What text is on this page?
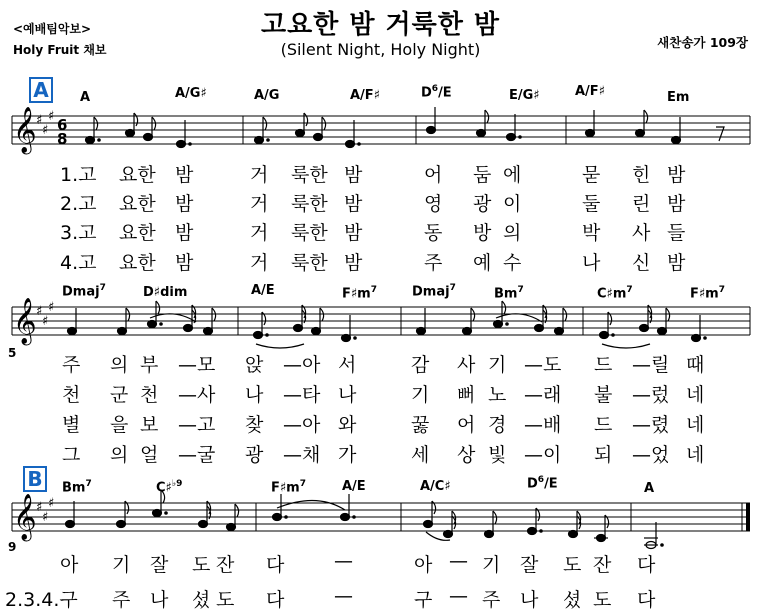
고요한 밤 거룩한 밤
(Silent Night, Holy Night)
<예배팀악보>
Holy Fruit 채보	새찬송가 109장
A
B
5
9
A	A/G♯	A/G	A/F♯	$D^6/E$	E/G♯	A/F♯	Em
Dmaj$^7$	D♯dim	A/E	$F♯m^7$	Dmaj$^7$	Bm$^7$	$C♯m^7$	$F♯m^7$
Bm$^7$	C♯$^{♭9}$	$F♯m^7$	A/E	A/C♯	$D^6/E$	A
𝄞
𝄞
𝄞
♯
♯
♯
♯
♯
♯
♯
♯
♯
6
8
1.고 요한 밤	거 룩한 밤	어 둠 에	묻 힌 밤
2.고 요한 밤	거 룩한 밤	영 광 이	둘 린 밤
3.고 요한 밤	거 룩한 밤	동 방 의	박 사 들
4.고 요한 밤	거 룩한 밤	주 예 수	나 신 밤
주 의 부 —모 앉 —아 서	감 사 기 —도 드 —릴 때
천 군 천 —사 나 —타 나	기 뻐 노 —래 불 —렀 네
별 을 보 —고 찾 —아 와	꿇 어 경 —배 드 —렸 네
그 의 얼 —굴 광 —채 가	세 상 빛 —이 되 —었 네
아 기 잘 도 잔 다	—	아 — 기 잘 도 잔 다
2.3.4.구 주 나 셨 도 다	—	구 — 주 나 셨 도 다
